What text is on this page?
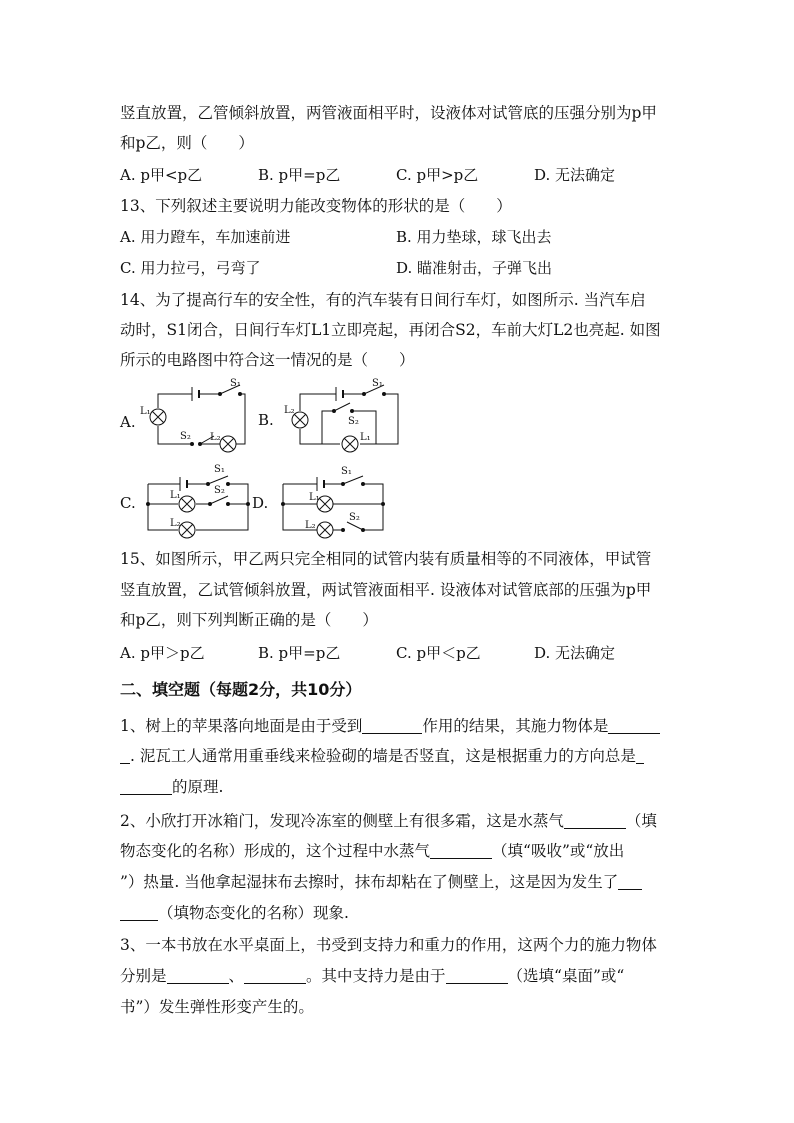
竖直放置，乙管倾斜放置，两管液面相平时，设液体对试管底的压强分别为p甲
和p乙，则（　　）
A. p甲<p乙	B. p甲=p乙	C. p甲>p乙	D. 无法确定
13、下列叙述主要说明力能改变物体的形状的是（　　）
A. 用力蹬车，车加速前进	B. 用力垫球，球飞出去
C. 用力拉弓，弓弯了	D. 瞄准射击，子弹飞出
14、为了提高行车的安全性，有的汽车装有日间行车灯，如图所示. 当汽车启
动时，S1闭合，日间行车灯L1立即亮起，再闭合S2，车前大灯L2也亮起. 如图
所示的电路图中符合这一情况的是（　　）
A.	B.
C.	D.
S₁
L₁
S₂ L₂
S₁
L₂
S₂
L₁
S₁
L₁	S₂
L₂
S₁
L₁
S₂
L₂
15、如图所示，甲乙两只完全相同的试管内装有质量相等的不同液体，甲试管
竖直放置，乙试管倾斜放置，两试管液面相平. 设液体对试管底部的压强为p甲
和p乙，则下列判断正确的是（　　）
A. p甲＞p乙	B. p甲=p乙	C. p甲＜p乙	D. 无法确定
二、填空题（每题2分，共10分）
1、树上的苹果落向地面是由于受到	作用的结果，其施力物体是
. 泥瓦工人通常用重垂线来检验砌的墙是否竖直，这是根据重力的方向总是
的原理.
2、小欣打开冰箱门，发现冷冻室的侧壁上有很多霜，这是水蒸气	（填
物态变化的名称）形成的，这个过程中水蒸气	（填“吸收”或“放出
”）热量. 当他拿起湿抹布去擦时，抹布却粘在了侧壁上，这是因为发生了
（填物态变化的名称）现象.
3、一本书放在水平桌面上，书受到支持力和重力的作用，这两个力的施力物体
分别是	、	。其中支持力是由于	（选填“桌面”或“
书”）发生弹性形变产生的。
